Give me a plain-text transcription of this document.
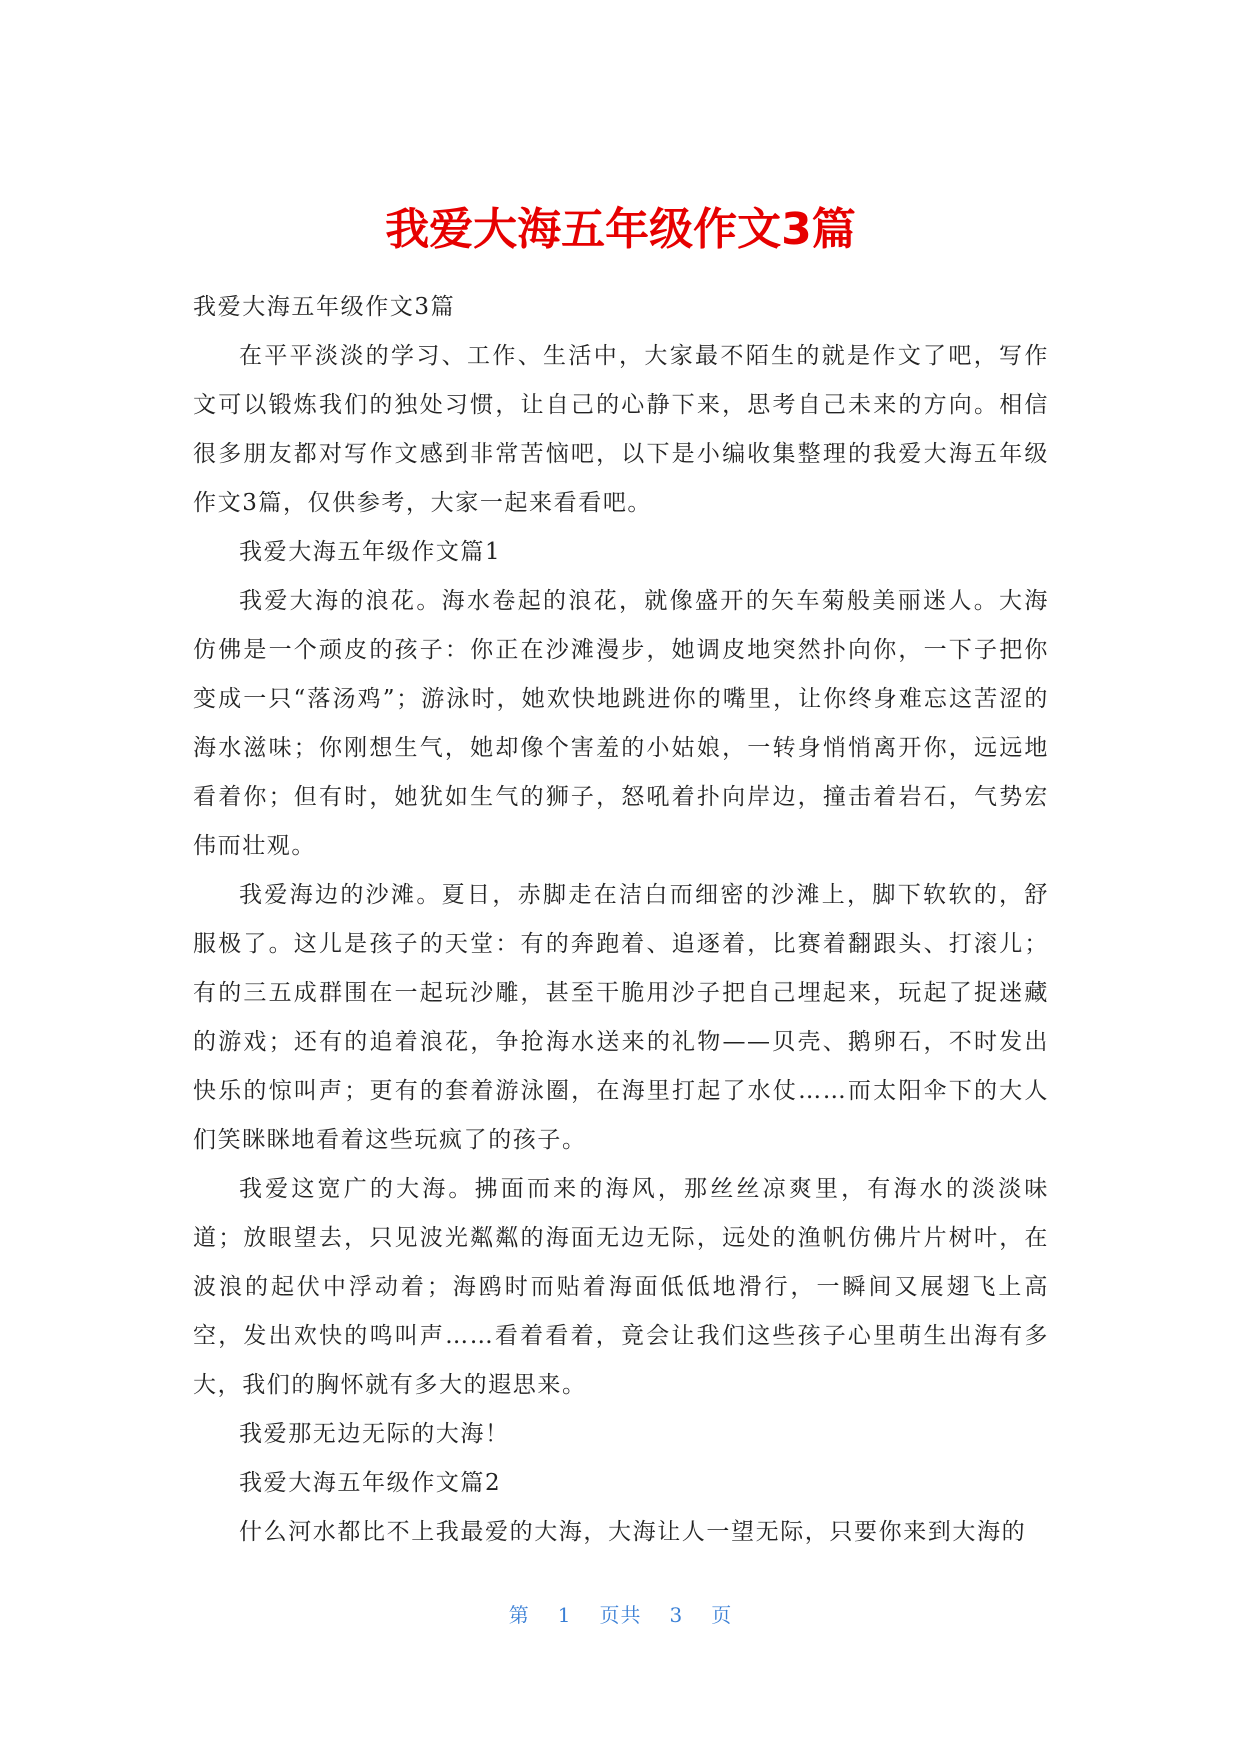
我爱大海五年级作文3篇

我爱大海五年级作文3篇

在平平淡淡的学习、工作、生活中，大家最不陌生的就是作文了吧，写作文可以锻炼我们的独处习惯，让自己的心静下来，思考自己未来的方向。相信很多朋友都对写作文感到非常苦恼吧，以下是小编收集整理的我爱大海五年级作文3篇，仅供参考，大家一起来看看吧。

我爱大海五年级作文篇1

我爱大海的浪花。海水卷起的浪花，就像盛开的矢车菊般美丽迷人。大海仿佛是一个顽皮的孩子：你正在沙滩漫步，她调皮地突然扑向你，一下子把你变成一只“落汤鸡”；游泳时，她欢快地跳进你的嘴里，让你终身难忘这苦涩的海水滋味；你刚想生气，她却像个害羞的小姑娘，一转身悄悄离开你，远远地看着你；但有时，她犹如生气的狮子，怒吼着扑向岸边，撞击着岩石，气势宏伟而壮观。

我爱海边的沙滩。夏日，赤脚走在洁白而细密的沙滩上，脚下软软的，舒服极了。这儿是孩子的天堂：有的奔跑着、追逐着，比赛着翻跟头、打滚儿；有的三五成群围在一起玩沙雕，甚至干脆用沙子把自己埋起来，玩起了捉迷藏的游戏；还有的追着浪花，争抢海水送来的礼物——贝壳、鹅卵石，不时发出快乐的惊叫声；更有的套着游泳圈，在海里打起了水仗……而太阳伞下的大人们笑眯眯地看着这些玩疯了的孩子。

我爱这宽广的大海。拂面而来的海风，那丝丝凉爽里，有海水的淡淡味道；放眼望去，只见波光粼粼的海面无边无际，远处的渔帆仿佛片片树叶，在波浪的起伏中浮动着；海鸥时而贴着海面低低地滑行，一瞬间又展翅飞上高空，发出欢快的鸣叫声……看着看着，竟会让我们这些孩子心里萌生出海有多大，我们的胸怀就有多大的遐思来。

我爱那无边无际的大海！

我爱大海五年级作文篇2

什么河水都比不上我最爱的大海，大海让人一望无际，只要你来到大海的

第 1 页共 3 页
